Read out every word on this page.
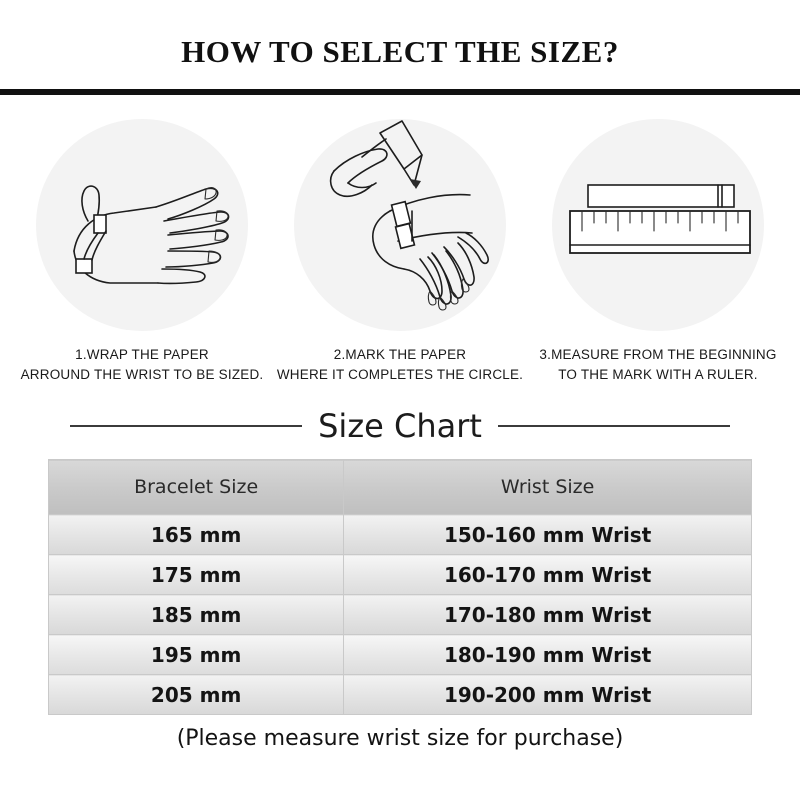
HOW TO SELECT THE SIZE?
1.WRAP THE PAPER
ARROUND THE WRIST TO BE SIZED.
2.MARK THE PAPER
WHERE IT COMPLETES THE CIRCLE.
3.MEASURE FROM THE BEGINNING
TO THE MARK WITH A RULER.
Size Chart
Bracelet Size	Wrist Size
165 mm	150-160 mm Wrist
175 mm	160-170 mm Wrist
185 mm	170-180 mm Wrist
195 mm	180-190 mm Wrist
205 mm	190-200 mm Wrist
(Please measure wrist size for purchase)
